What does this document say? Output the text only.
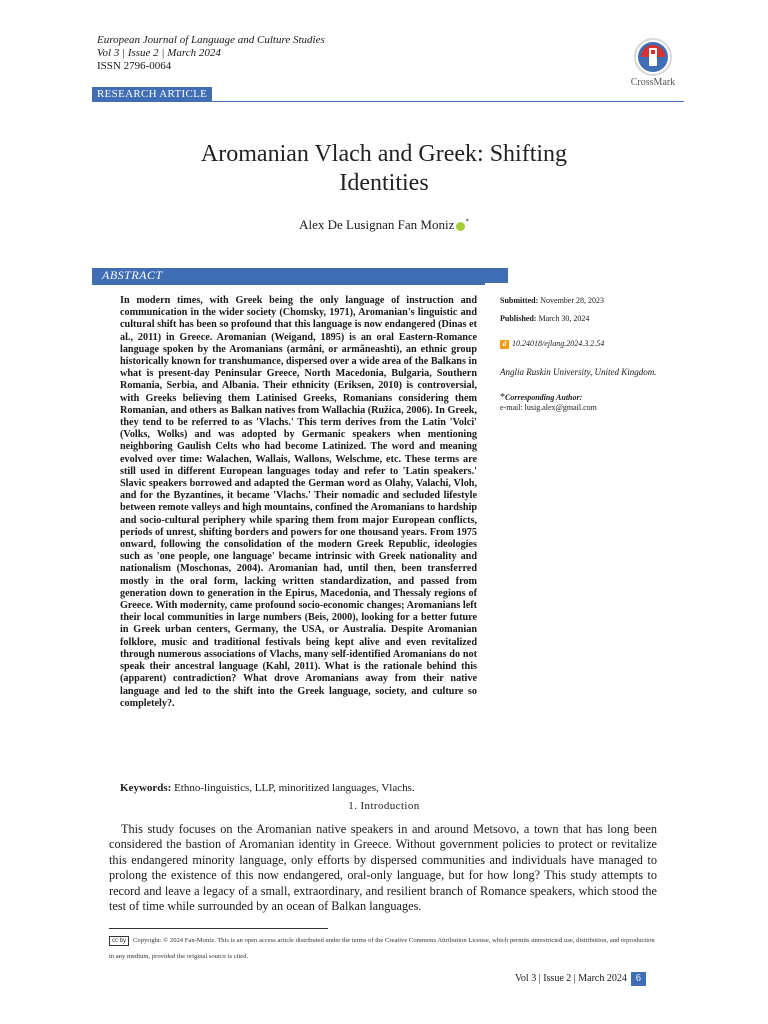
European Journal of Language and Culture Studies
Vol 3 | Issue 2 | March 2024
ISSN 2796-0064
CrossMark
RESEARCH ARTICLE
Aromanian Vlach and Greek: Shifting
Identities
Alex De Lusignan Fan Moniz *
ABSTRACT
In modern times, with Greek being the only language of instruction and communication in the wider society (Chomsky, 1971), Aromanian's linguistic and cultural shift has been so profound that this language is now endangered (Dinas et al., 2011) in Greece. Aromanian (Weigand, 1895) is an oral Eastern-Romance language spoken by the Aromanians (armâni, or armãneashti), an ethnic group historically known for transhumance, dispersed over a wide area of the Balkans in what is present-day Peninsular Greece, North Macedonia, Bulgaria, Southern Romania, Serbia, and Albania. Their ethnicity (Eriksen, 2010) is controversial, with Greeks believing them Latinised Greeks, Romanians considering them Romanian, and others as Balkan natives from Wallachia (Ružica, 2006). In Greek, they tend to be referred to as 'Vlachs.' This term derives from the Latin 'Volci' (Volks, Wolks) and was adopted by Germanic speakers when mentioning neighboring Gaulish Celts who had become Latinized. The word and meaning evolved over time: Walachen, Wallais, Wallons, Welschme, etc. These terms are still used in different European languages today and refer to 'Latin speakers.' Slavic speakers borrowed and adapted the German word as Olahy, Valachi, Vloh, and for the Byzantines, it became 'Vlachs.' Their nomadic and secluded lifestyle between remote valleys and high mountains, confined the Aromanians to hardship and socio-cultural periphery while sparing them from major European conflicts, periods of unrest, shifting borders and powers for one thousand years. From 1975 onward, following the consolidation of the modern Greek Republic, ideologies such as 'one people, one language' became intrinsic with Greek nationality and nationalism (Moschonas, 2004). Aromanian had, until then, been transferred mostly in the oral form, lacking written standardization, and passed from generation down to generation in the Epirus, Macedonia, and Thessaly regions of Greece. With modernity, came profound socio-economic changes; Aromanians left their local communities in large numbers (Beis, 2000), looking for a better future in Greek urban centers, Germany, the USA, or Australia. Despite Aromanian folklore, music and traditional festivals being kept alive and even revitalized through numerous associations of Vlachs, many self-identified Aromanians do not speak their ancestral language (Kahl, 2011). What is the rationale behind this (apparent) contradiction? What drove Aromanians away from their native language and led to the shift into the Greek language, society, and culture so completely?.
Submitted: November 28, 2023
Published: March 30, 2024
d 10.24018/ejlang.2024.3.2.54
Anglia Ruskin University, United Kingdom.
*Corresponding Author:
e-mail: lusig.alex@gmail.com
Keywords: Ethno-linguistics, LLP, minoritized languages, Vlachs.
1. Introduction
This study focuses on the Aromanian native speakers in and around Metsovo, a town that has long been considered the bastion of Aromanian identity in Greece. Without government policies to protect or revitalize this endangered minority language, only efforts by dispersed communities and individuals have managed to prolong the existence of this now endangered, oral-only language, but for how long? This study attempts to record and leave a legacy of a small, extraordinary, and resilient branch of Romance speakers, which stood the test of time while surrounded by an ocean of Balkan languages.
cc by Copyright: © 2024 Fan-Moniz. This is an open access article distributed under the terms of the Creative Commons Attribution License, which permits unrestricted use, distribution, and reproduction in any medium, provided the original source is cited.
Vol 3 | Issue 2 | March 2024 6
